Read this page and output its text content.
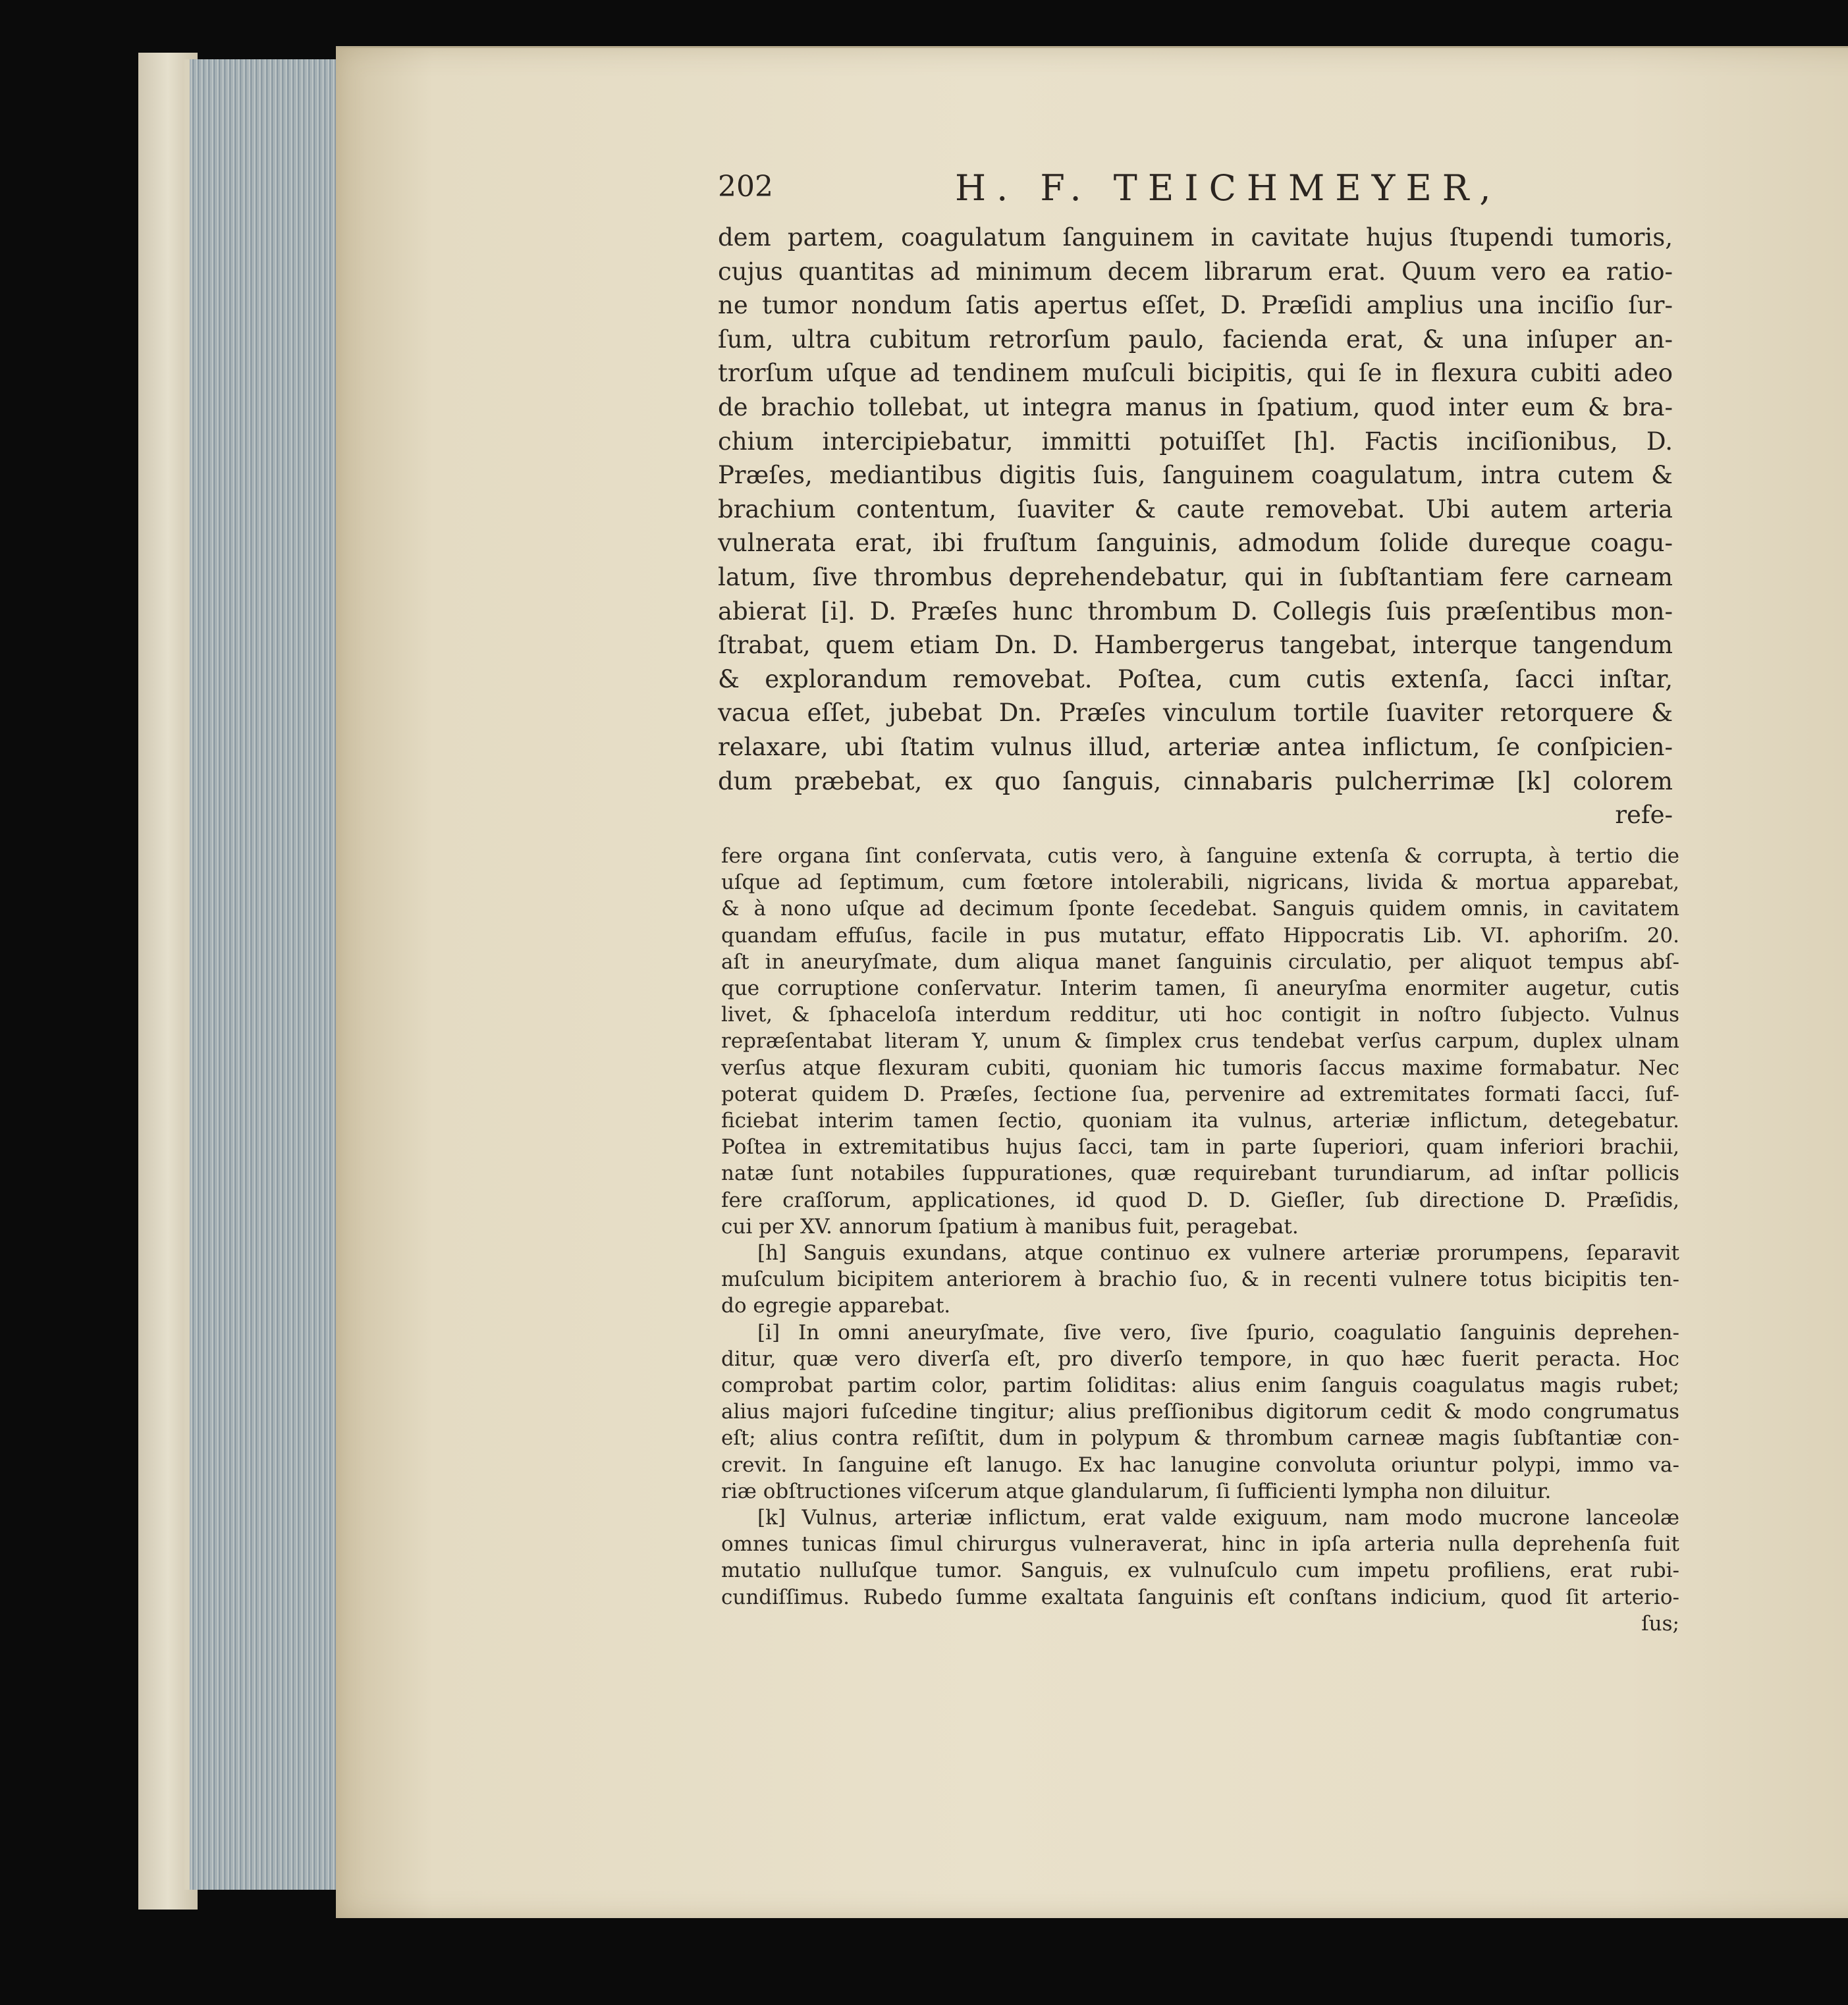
202	H. F. TEICHMEYER,
dem partem, coagulatum ſanguinem in cavitate hujus ſtupendi tumoris,
cujus quantitas ad minimum decem librarum erat. Quum vero ea ratio-
ne tumor nondum ſatis apertus eſſet, D. Præſidi amplius una inciſio ſur-
ſum, ultra cubitum retrorſum paulo, facienda erat, & una inſuper an-
trorſum uſque ad tendinem muſculi bicipitis, qui ſe in flexura cubiti adeo
de brachio tollebat, ut integra manus in ſpatium, quod inter eum & bra-
chium intercipiebatur, immitti potuiſſet [h]. Factis inciſionibus, D.
Præſes, mediantibus digitis ſuis, ſanguinem coagulatum, intra cutem &
brachium contentum, ſuaviter & caute removebat. Ubi autem arteria
vulnerata erat, ibi fruſtum ſanguinis, admodum ſolide dureque coagu-
latum, ſive thrombus deprehendebatur, qui in ſubſtantiam fere carneam
abierat [i]. D. Præſes hunc thrombum D. Collegis ſuis præſentibus mon-
ſtrabat, quem etiam Dn. D. Hambergerus tangebat, interque tangendum
& explorandum removebat. Poſtea, cum cutis extenſa, ſacci inſtar,
vacua eſſet, jubebat Dn. Præſes vinculum tortile ſuaviter retorquere &
relaxare, ubi ſtatim vulnus illud, arteriæ antea inflictum, ſe conſpicien-
dum præbebat, ex quo ſanguis, cinnabaris pulcherrimæ [k] colorem
refe-
fere organa ſint conſervata, cutis vero, à ſanguine extenſa & corrupta, à tertio die
uſque ad ſeptimum, cum fœtore intolerabili, nigricans, livida & mortua apparebat,
& à nono uſque ad decimum ſponte ſecedebat. Sanguis quidem omnis, in cavitatem
quandam effuſus, facile in pus mutatur, effato Hippocratis Lib. VI. aphoriſm. 20.
aſt in aneuryſmate, dum aliqua manet ſanguinis circulatio, per aliquot tempus abſ-
que corruptione conſervatur. Interim tamen, ſi aneuryſma enormiter augetur, cutis
livet, & ſphaceloſa interdum redditur, uti hoc contigit in noſtro ſubjecto. Vulnus
repræſentabat literam Y, unum & ſimplex crus tendebat verſus carpum, duplex ulnam
verſus atque flexuram cubiti, quoniam hic tumoris ſaccus maxime formabatur. Nec
poterat quidem D. Præſes, ſectione ſua, pervenire ad extremitates formati ſacci, ſuf-
ficiebat interim tamen ſectio, quoniam ita vulnus, arteriæ inflictum, detegebatur.
Poſtea in extremitatibus hujus ſacci, tam in parte ſuperiori, quam inferiori brachii,
natæ ſunt notabiles ſuppurationes, quæ requirebant turundiarum, ad inſtar pollicis
fere craſſorum, applicationes, id quod D. D. Gieſler, ſub directione D. Præſidis,
cui per XV. annorum ſpatium à manibus fuit, peragebat.
[h] Sanguis exundans, atque continuo ex vulnere arteriæ prorumpens, ſeparavit
muſculum bicipitem anteriorem à brachio ſuo, & in recenti vulnere totus bicipitis ten-
do egregie apparebat.
[i] In omni aneuryſmate, ſive vero, ſive ſpurio, coagulatio ſanguinis deprehen-
ditur, quæ vero diverſa eſt, pro diverſo tempore, in quo hæc fuerit peracta. Hoc
comprobat partim color, partim ſoliditas: alius enim ſanguis coagulatus magis rubet;
alius majori fuſcedine tingitur; alius preſſionibus digitorum cedit & modo congrumatus
eſt; alius contra reſiſtit, dum in polypum & thrombum carneæ magis ſubſtantiæ con-
crevit. In ſanguine eſt lanugo. Ex hac lanugine convoluta oriuntur polypi, immo va-
riæ obſtructiones viſcerum atque glandularum, ſi ſufficienti lympha non diluitur.
[k] Vulnus, arteriæ inflictum, erat valde exiguum, nam modo mucrone lanceolæ
omnes tunicas ſimul chirurgus vulneraverat, hinc in ipſa arteria nulla deprehenſa fuit
mutatio nulluſque tumor. Sanguis, ex vulnuſculo cum impetu profiliens, erat rubi-
cundiſſimus. Rubedo ſumme exaltata ſanguinis eſt conſtans indicium, quod ſit arterio-
ſus;
